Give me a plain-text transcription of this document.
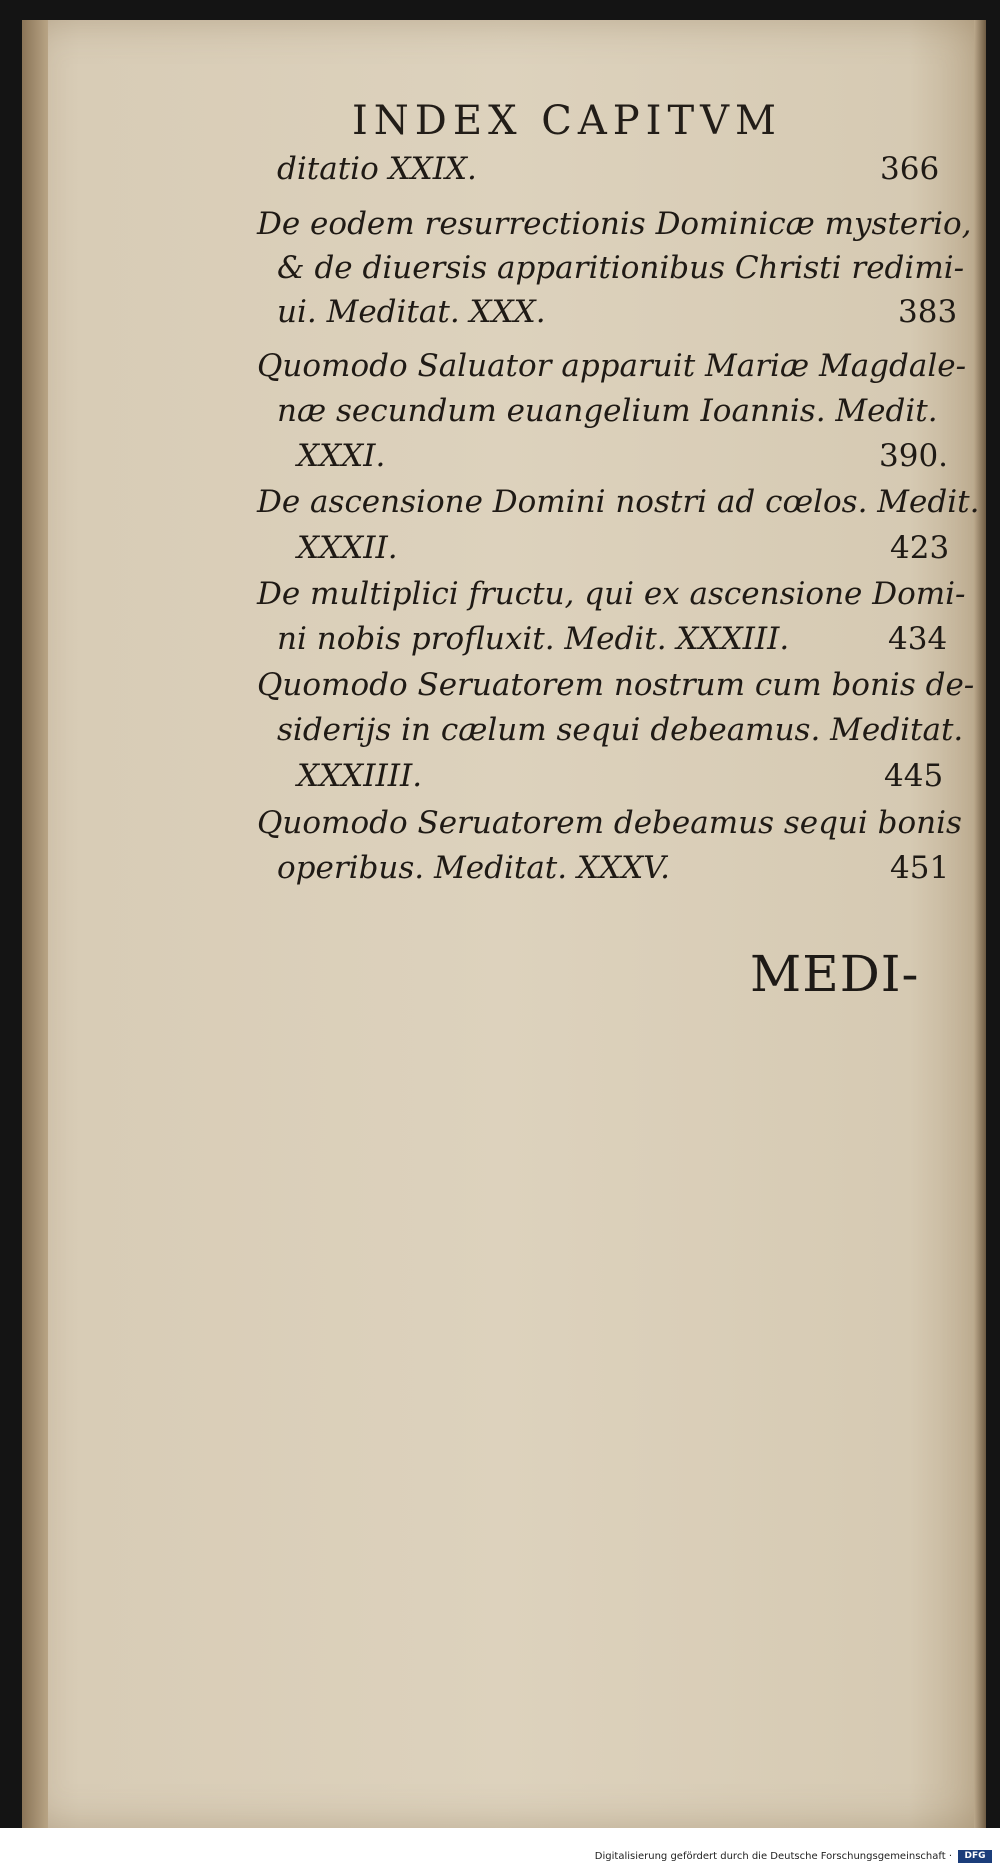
INDEX CAPITVM
ditatio XXIX.	366
De eodem resurrectionis Dominicæ mysterio,
& de diuersis apparitionibus Christi redimi-
ui. Meditat. XXX.	383
Quomodo Saluator apparuit Mariæ Magdale-
næ secundum euangelium Ioannis. Medit.
XXXI.	390.
De ascensione Domini nostri ad cœlos. Medit.
XXXII.	423
De multiplici fructu, qui ex ascensione Domi-
ni nobis profluxit. Medit. XXXIII.	434
Quomodo Seruatorem nostrum cum bonis de-
siderijs in cælum sequi debeamus. Meditat.
XXXIIII.	445
Quomodo Seruatorem debeamus sequi bonis
operibus. Meditat. XXXV.	451
MEDI-
Digitalisierung gefördert durch die Deutsche Forschungsgemeinschaft ·	DFG
